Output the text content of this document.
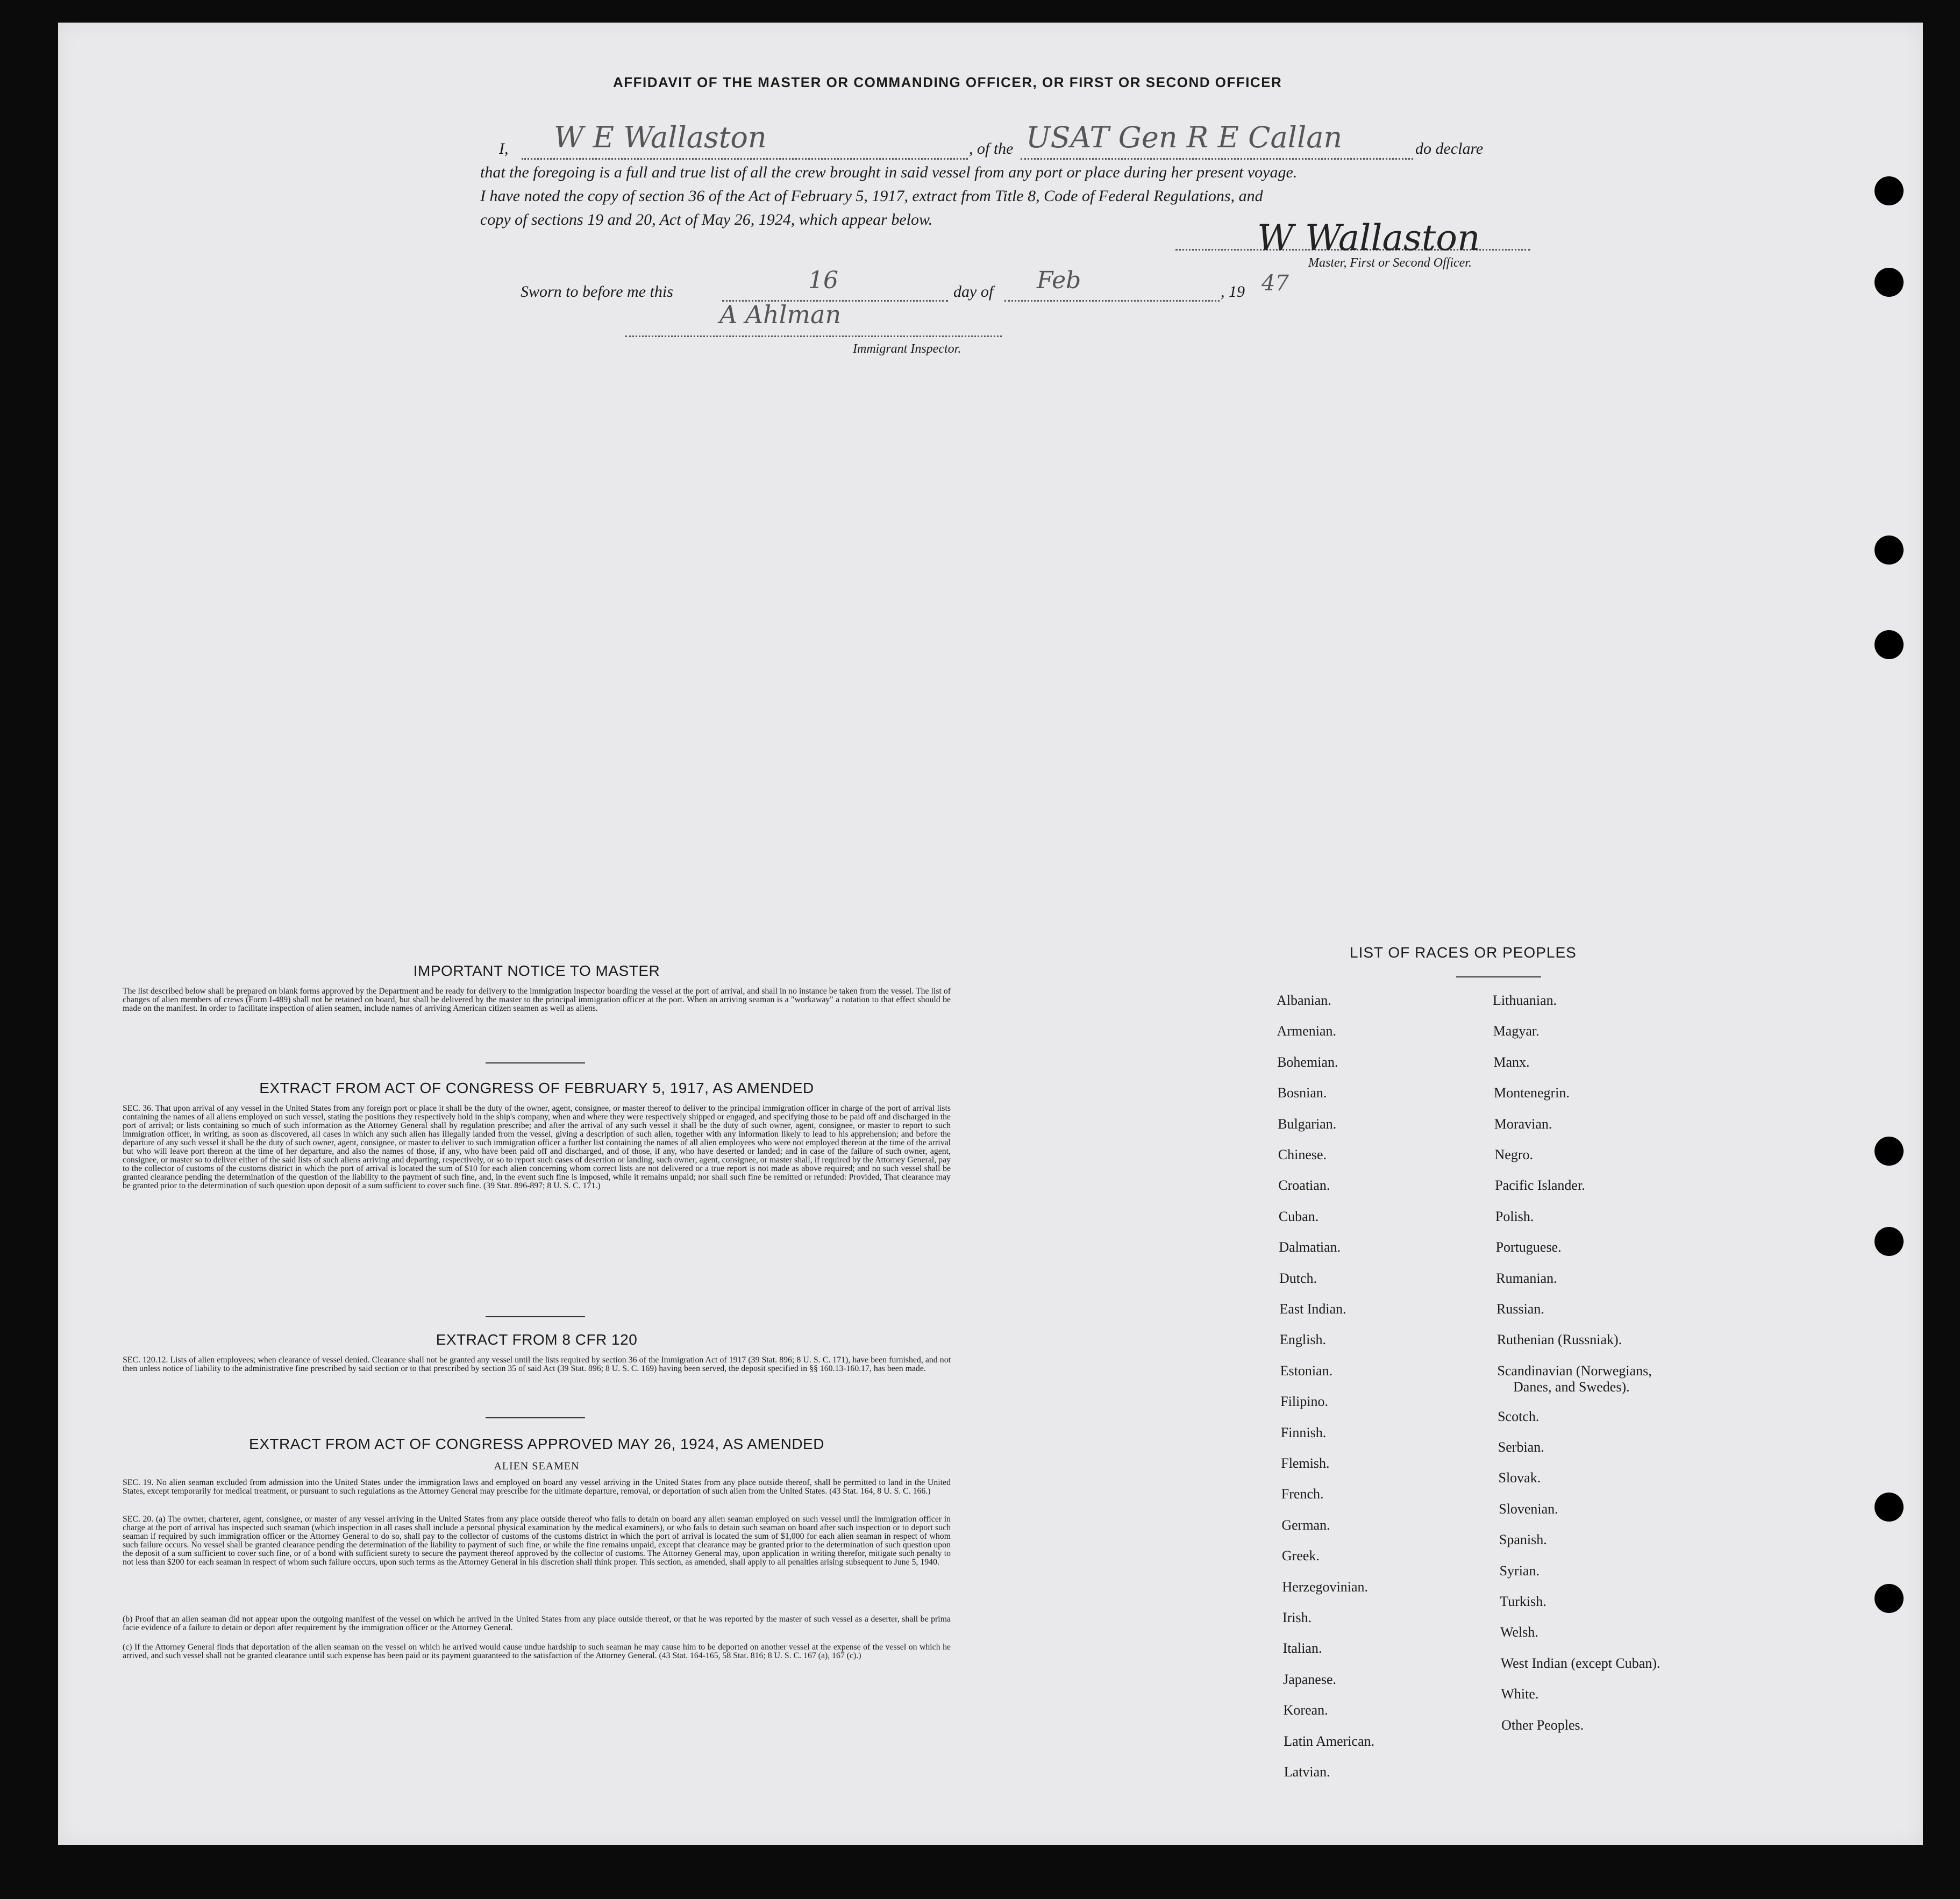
AFFIDAVIT OF THE MASTER OR COMMANDING OFFICER, OR FIRST OR SECOND OFFICER
I, W E Wallaston	, of the USAT Gen R E Callan	do declare
that the foregoing is a full and true list of all the crew brought in said vessel from any port or place during her present voyage.
I have noted the copy of section 36 of the Act of February 5, 1917, extract from Title 8, Code of Federal Regulations, and
copy of sections 19 and 20, Act of May 26, 1924, which appear below.	W Wallaston
Master, First or Second Officer.
Sworn to before me this	16	day of Feb	, 19 47
A Ahlman
Immigrant Inspector.
IMPORTANT NOTICE TO MASTER
The list described below shall be prepared on blank forms approved by the Department and be ready for delivery to the immigration inspector boarding the vessel at the port of arrival, and shall in no instance be taken from the vessel. The list of changes of alien members of crews (Form I-489) shall not be retained on board, but shall be delivered by the master to the principal immigration officer at the port. When an arriving seaman is a "workaway" a notation to that effect should be made on the manifest. In order to facilitate inspection of alien seamen, include names of arriving American citizen seamen as well as aliens.
EXTRACT FROM ACT OF CONGRESS OF FEBRUARY 5, 1917, AS AMENDED
SEC. 36. That upon arrival of any vessel in the United States from any foreign port or place it shall be the duty of the owner, agent, consignee, or master thereof to deliver to the principal immigration officer in charge of the port of arrival lists containing the names of all aliens employed on such vessel, stating the positions they respectively hold in the ship's company, when and where they were respectively shipped or engaged, and specifying those to be paid off and discharged in the port of arrival; or lists containing so much of such information as the Attorney General shall by regulation prescribe; and after the arrival of any such vessel it shall be the duty of such owner, agent, consignee, or master to report to such immigration officer, in writing, as soon as discovered, all cases in which any such alien has illegally landed from the vessel, giving a description of such alien, together with any information likely to lead to his apprehension; and before the departure of any such vessel it shall be the duty of such owner, agent, consignee, or master to deliver to such immigration officer a further list containing the names of all alien employees who were not employed thereon at the time of the arrival but who will leave port thereon at the time of her departure, and also the names of those, if any, who have been paid off and discharged, and of those, if any, who have deserted or landed; and in case of the failure of such owner, agent, consignee, or master so to deliver either of the said lists of such aliens arriving and departing, respectively, or so to report such cases of desertion or landing, such owner, agent, consignee, or master shall, if required by the Attorney General, pay to the collector of customs of the customs district in which the port of arrival is located the sum of $10 for each alien concerning whom correct lists are not delivered or a true report is not made as above required; and no such vessel shall be granted clearance pending the determination of the question of the liability to the payment of such fine, and, in the event such fine is imposed, while it remains unpaid; nor shall such fine be remitted or refunded: Provided, That clearance may be granted prior to the determination of such question upon deposit of a sum sufficient to cover such fine. (39 Stat. 896-897; 8 U. S. C. 171.)
EXTRACT FROM 8 CFR 120
SEC. 120.12. Lists of alien employees; when clearance of vessel denied. Clearance shall not be granted any vessel until the lists required by section 36 of the Immigration Act of 1917 (39 Stat. 896; 8 U. S. C. 171), have been furnished, and not then unless notice of liability to the administrative fine prescribed by said section or to that prescribed by section 35 of said Act (39 Stat. 896; 8 U. S. C. 169) having been served, the deposit specified in §§ 160.13-160.17, has been made.
EXTRACT FROM ACT OF CONGRESS APPROVED MAY 26, 1924, AS AMENDED
ALIEN SEAMEN
SEC. 19. No alien seaman excluded from admission into the United States under the immigration laws and employed on board any vessel arriving in the United States from any place outside thereof, shall be permitted to land in the United States, except temporarily for medical treatment, or pursuant to such regulations as the Attorney General may prescribe for the ultimate departure, removal, or deportation of such alien from the United States. (43 Stat. 164, 8 U. S. C. 166.)
SEC. 20. (a) The owner, charterer, agent, consignee, or master of any vessel arriving in the United States from any place outside thereof who fails to detain on board any alien seaman employed on such vessel until the immigration officer in charge at the port of arrival has inspected such seaman (which inspection in all cases shall include a personal physical examination by the medical examiners), or who fails to detain such seaman on board after such inspection or to deport such seaman if required by such immigration officer or the Attorney General to do so, shall pay to the collector of customs of the customs district in which the port of arrival is located the sum of $1,000 for each alien seaman in respect of whom such failure occurs. No vessel shall be granted clearance pending the determination of the liability to payment of such fine, or while the fine remains unpaid, except that clearance may be granted prior to the determination of such question upon the deposit of a sum sufficient to cover such fine, or of a bond with sufficient surety to secure the payment thereof approved by the collector of customs. The Attorney General may, upon application in writing therefor, mitigate such penalty to not less than $200 for each seaman in respect of whom such failure occurs, upon such terms as the Attorney General in his discretion shall think proper. This section, as amended, shall apply to all penalties arising subsequent to June 5, 1940.
(b) Proof that an alien seaman did not appear upon the outgoing manifest of the vessel on which he arrived in the United States from any place outside thereof, or that he was reported by the master of such vessel as a deserter, shall be prima facie evidence of a failure to detain or deport after requirement by the immigration officer or the Attorney General.
(c) If the Attorney General finds that deportation of the alien seaman on the vessel on which he arrived would cause undue hardship to such seaman he may cause him to be deported on another vessel at the expense of the vessel on which he arrived, and such vessel shall not be granted clearance until such expense has been paid or its payment guaranteed to the satisfaction of the Attorney General. (43 Stat. 164-165, 58 Stat. 816; 8 U. S. C. 167 (a), 167 (c).)
LIST OF RACES OR PEOPLES
Albanian.
Armenian.
Bohemian.
Bosnian.
Bulgarian.
Chinese.
Croatian.
Cuban.
Dalmatian.
Dutch.
East Indian.
English.
Estonian.
Filipino.
Finnish.
Flemish.
French.
German.
Greek.
Herzegovinian.
Irish.
Italian.
Japanese.
Korean.
Latin American.
Latvian.
Lithuanian.
Magyar.
Manx.
Montenegrin.
Moravian.
Negro.
Pacific Islander.
Polish.
Portuguese.
Rumanian.
Russian.
Ruthenian (Russniak).
Scandinavian (Norwegians,
Danes, and Swedes).
Scotch.
Serbian.
Slovak.
Slovenian.
Spanish.
Syrian.
Turkish.
Welsh.
West Indian (except Cuban).
White.
Other Peoples.
